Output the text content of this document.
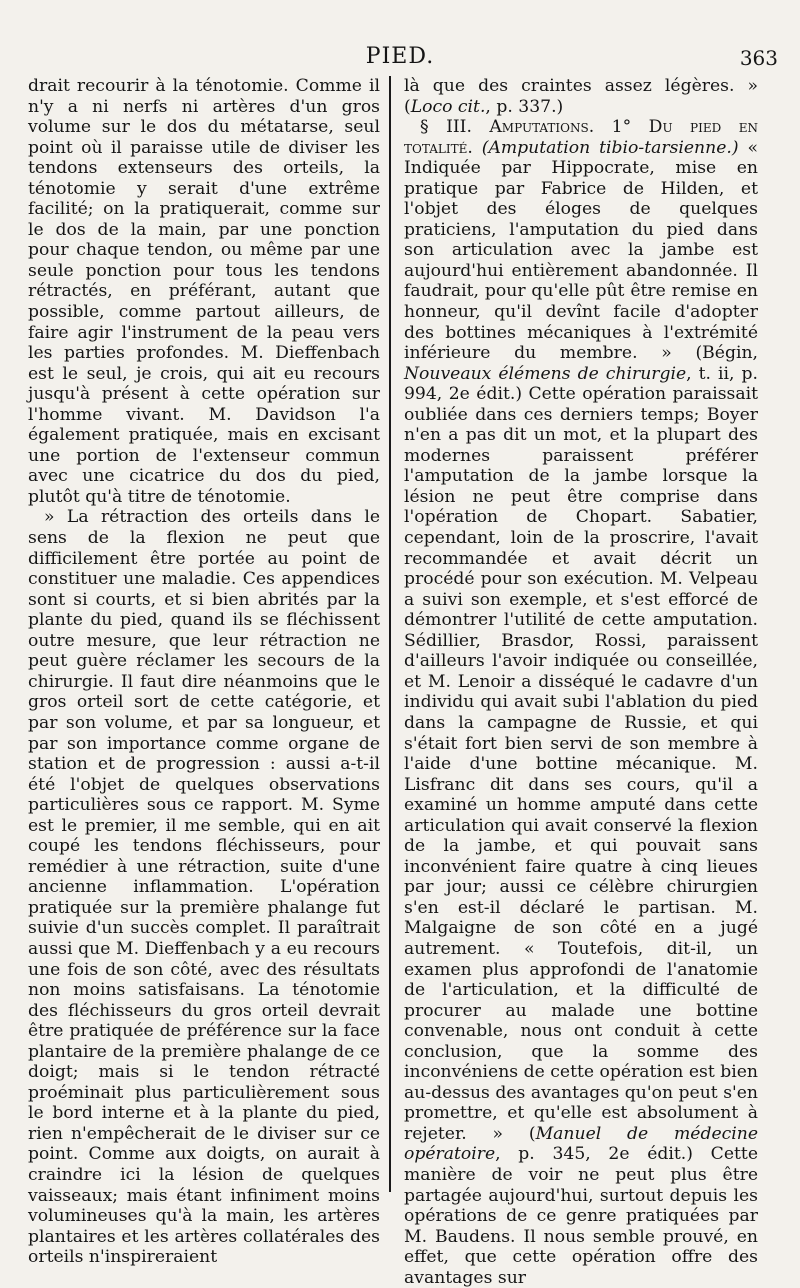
PIED.	363

drait recourir à la ténotomie. Comme il n'y a ni nerfs ni artères d'un gros volume sur le dos du métatarse, seul point où il paraisse utile de diviser les tendons extenseurs des orteils, la ténotomie y serait d'une extrême facilité; on la pratiquerait, comme sur le dos de la main, par une ponction pour chaque tendon, ou même par une seule ponction pour tous les tendons rétractés, en préférant, autant que possible, comme partout ailleurs, de faire agir l'instrument de la peau vers les parties profondes. M. Dieffenbach est le seul, je crois, qui ait eu recours jusqu'à présent à cette opération sur l'homme vivant. M. Davidson l'a également pratiquée, mais en excisant une portion de l'extenseur commun avec une cicatrice du dos du pied, plutôt qu'à titre de ténotomie.

» La rétraction des orteils dans le sens de la flexion ne peut que difficilement être portée au point de constituer une maladie. Ces appendices sont si courts, et si bien abrités par la plante du pied, quand ils se fléchissent outre mesure, que leur rétraction ne peut guère réclamer les secours de la chirurgie. Il faut dire néanmoins que le gros orteil sort de cette catégorie, et par son volume, et par sa longueur, et par son importance comme organe de station et de progression : aussi a-t-il été l'objet de quelques observations particulières sous ce rapport. M. Syme est le premier, il me semble, qui en ait coupé les tendons fléchisseurs, pour remédier à une rétraction, suite d'une ancienne inflammation. L'opération pratiquée sur la première phalange fut suivie d'un succès complet. Il paraîtrait aussi que M. Dieffenbach y a eu recours une fois de son côté, avec des résultats non moins satisfaisans. La ténotomie des fléchisseurs du gros orteil devrait être pratiquée de préférence sur la face plantaire de la première phalange de ce doigt; mais si le tendon rétracté proéminait plus particulièrement sous le bord interne et à la plante du pied, rien n'empêcherait de le diviser sur ce point. Comme aux doigts, on aurait à craindre ici la lésion de quelques vaisseaux; mais étant infiniment moins volumineuses qu'à la main, les artères plantaires et les artères collatérales des orteils n'inspireraient

là que des craintes assez légères. » (Loco cit., p. 337.)

§ III. Amputations. 1° Du pied en totalité. (Amputation tibio-tarsienne.) « Indiquée par Hippocrate, mise en pratique par Fabrice de Hilden, et l'objet des éloges de quelques praticiens, l'amputation du pied dans son articulation avec la jambe est aujourd'hui entièrement abandonnée. Il faudrait, pour qu'elle pût être remise en honneur, qu'il devînt facile d'adopter des bottines mécaniques à l'extrémité inférieure du membre. » (Bégin, Nouveaux élémens de chirurgie, t. ii, p. 994, 2e édit.) Cette opération paraissait oubliée dans ces derniers temps; Boyer n'en a pas dit un mot, et la plupart des modernes paraissent préférer l'amputation de la jambe lorsque la lésion ne peut être comprise dans l'opération de Chopart. Sabatier, cependant, loin de la proscrire, l'avait recommandée et avait décrit un procédé pour son exécution. M. Velpeau a suivi son exemple, et s'est efforcé de démontrer l'utilité de cette amputation. Sédillier, Brasdor, Rossi, paraissent d'ailleurs l'avoir indiquée ou conseillée, et M. Lenoir a disséqué le cadavre d'un individu qui avait subi l'ablation du pied dans la campagne de Russie, et qui s'était fort bien servi de son membre à l'aide d'une bottine mécanique. M. Lisfranc dit dans ses cours, qu'il a examiné un homme amputé dans cette articulation qui avait conservé la flexion de la jambe, et qui pouvait sans inconvénient faire quatre à cinq lieues par jour; aussi ce célèbre chirurgien s'en est-il déclaré le partisan. M. Malgaigne de son côté en a jugé autrement. « Toutefois, dit-il, un examen plus approfondi de l'anatomie de l'articulation, et la difficulté de procurer au malade une bottine convenable, nous ont conduit à cette conclusion, que la somme des inconvéniens de cette opération est bien au-dessus des avantages qu'on peut s'en promettre, et qu'elle est absolument à rejeter. » (Manuel de médecine opératoire, p. 345, 2e édit.) Cette manière de voir ne peut plus être partagée aujourd'hui, surtout depuis les opérations de ce genre pratiquées par M. Baudens. Il nous semble prouvé, en effet, que cette opération offre des avantages sur
